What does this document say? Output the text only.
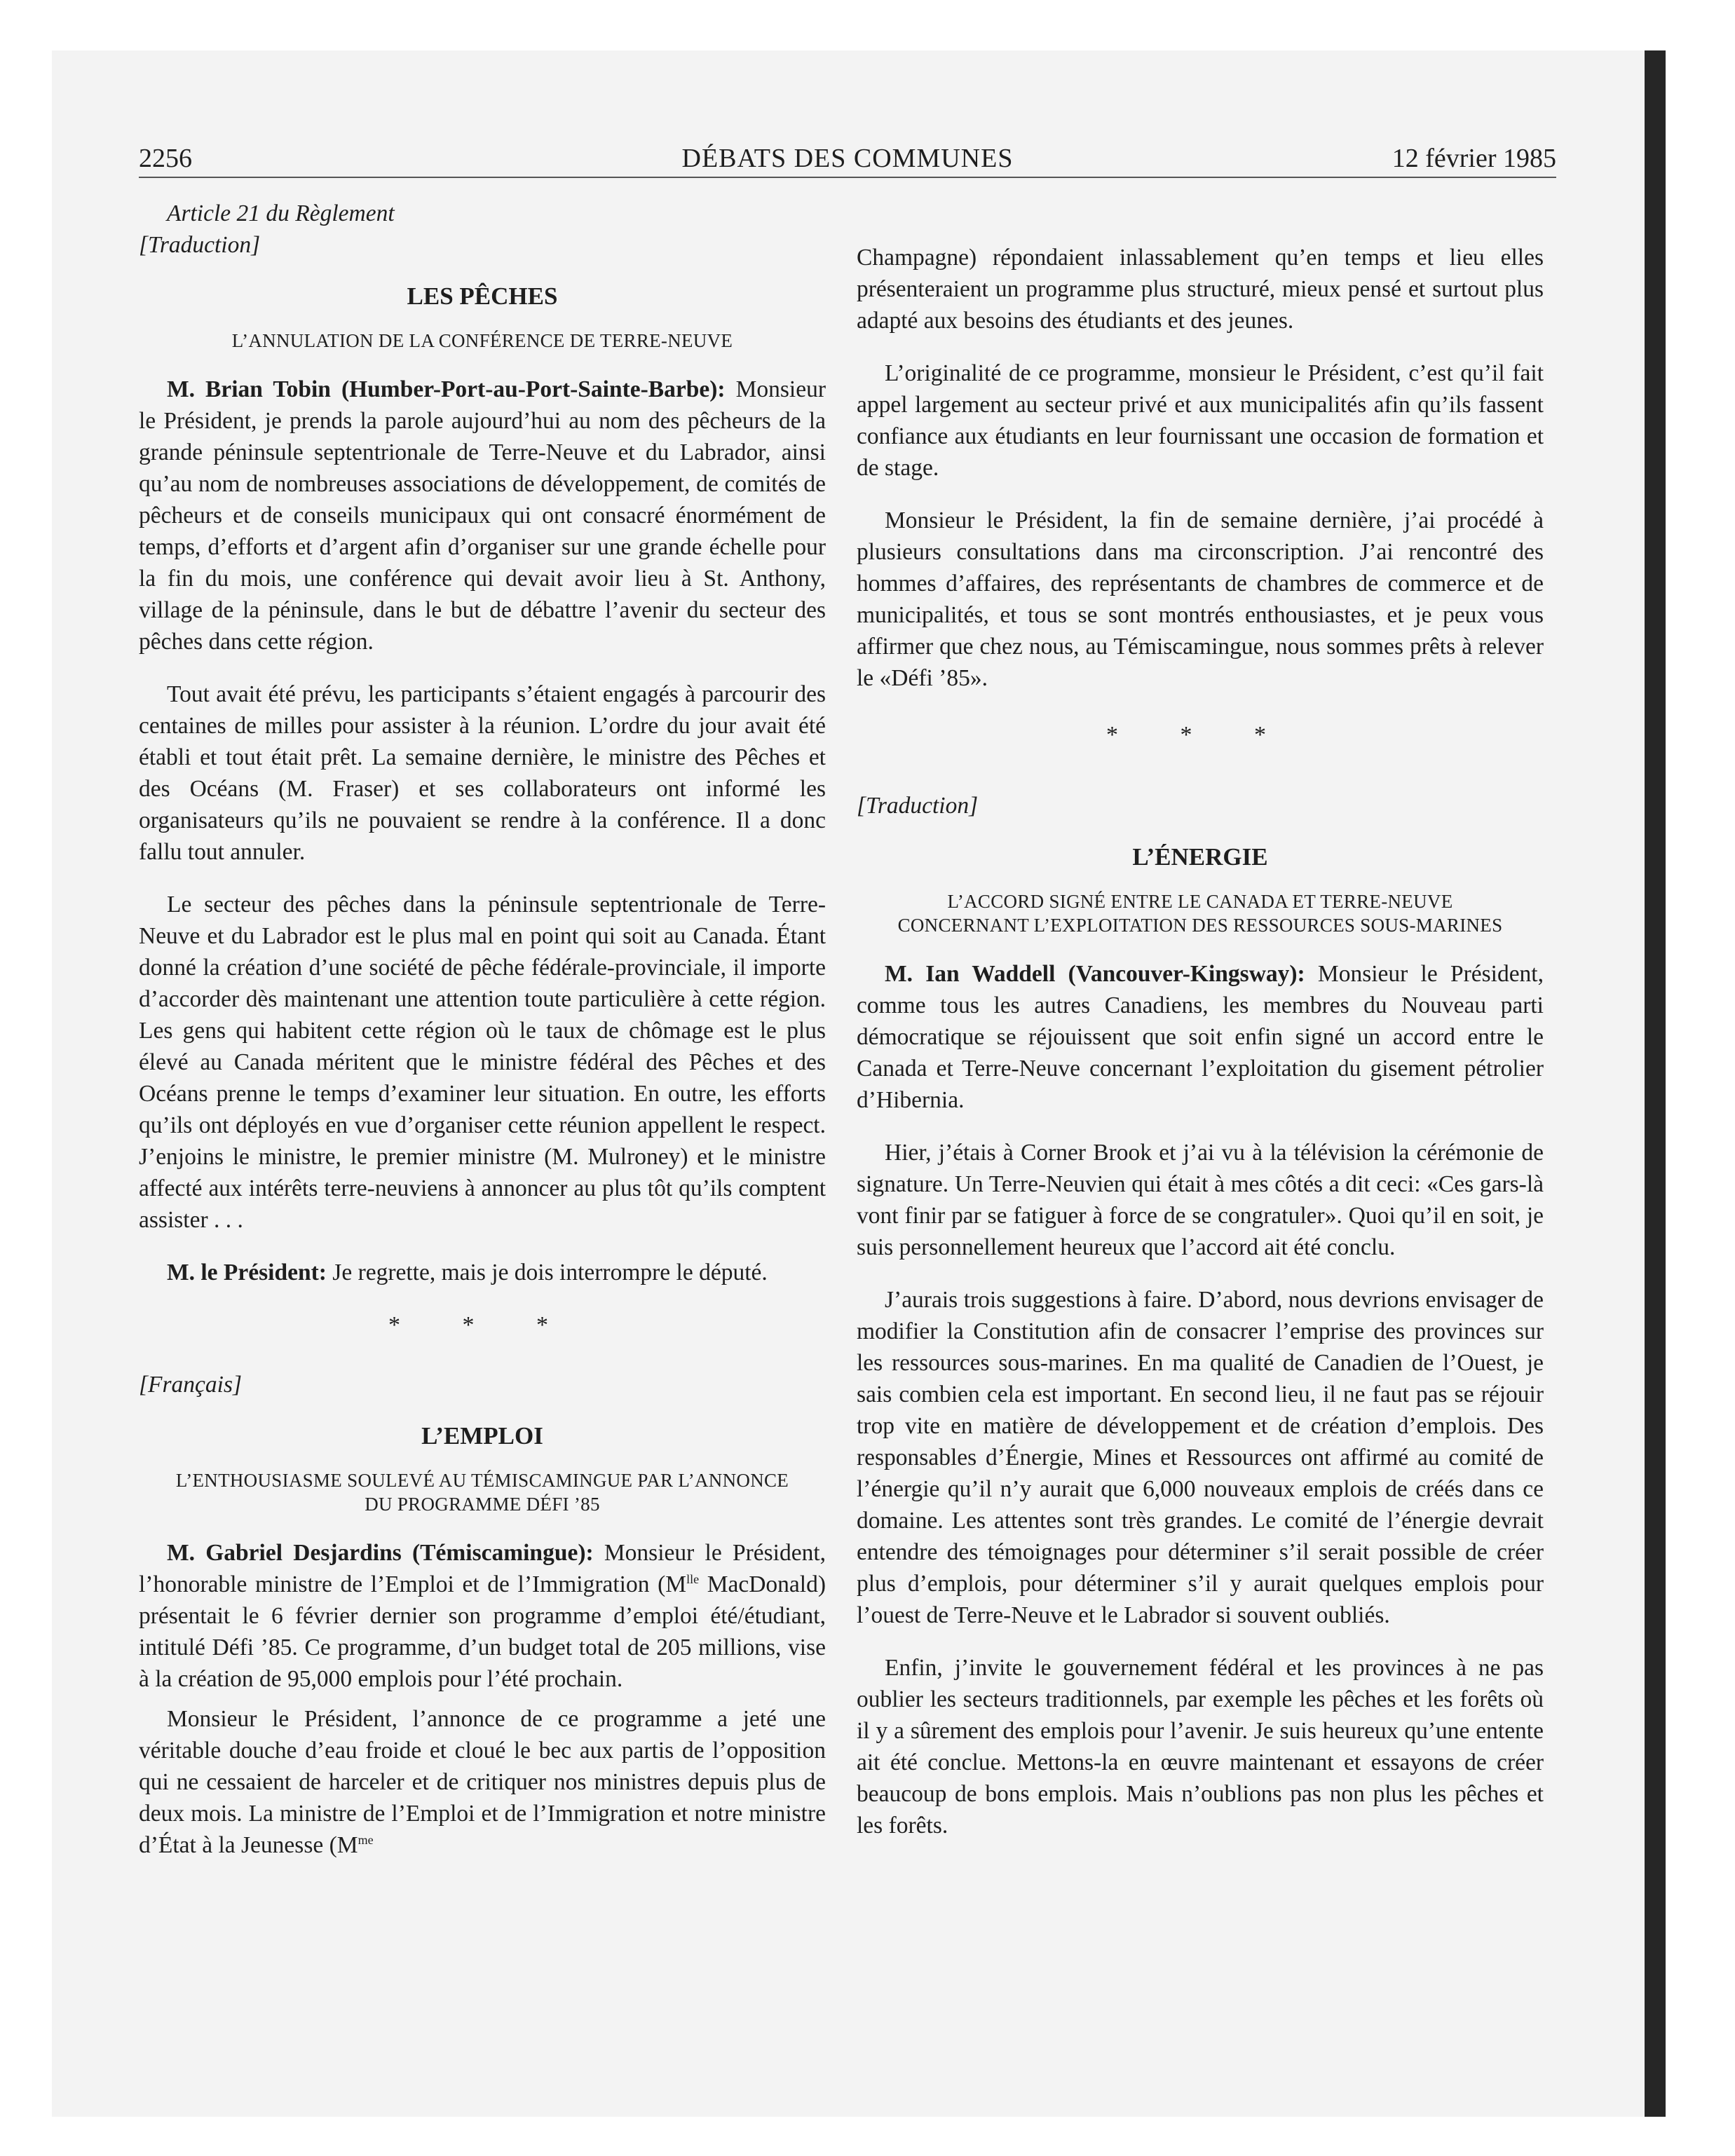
DÉBATS DES COMMUNES
2256	12 février 1985

Article 21 du Règlement

[Traduction]

LES PÊCHES
L’ANNULATION DE LA CONFÉRENCE DE TERRE-NEUVE

M. Brian Tobin (Humber-Port-au-Port-Sainte-Barbe): Monsieur le Président, je prends la parole aujourd’hui au nom des pêcheurs de la grande péninsule septentrionale de Terre-Neuve et du Labrador, ainsi qu’au nom de nombreuses associations de développement, de comités de pêcheurs et de conseils municipaux qui ont consacré énormément de temps, d’efforts et d’argent afin d’organiser sur une grande échelle pour la fin du mois, une conférence qui devait avoir lieu à St. Anthony, village de la péninsule, dans le but de débattre l’avenir du secteur des pêches dans cette région.

Tout avait été prévu, les participants s’étaient engagés à parcourir des centaines de milles pour assister à la réunion. L’ordre du jour avait été établi et tout était prêt. La semaine dernière, le ministre des Pêches et des Océans (M. Fraser) et ses collaborateurs ont informé les organisateurs qu’ils ne pouvaient se rendre à la conférence. Il a donc fallu tout annuler.

Le secteur des pêches dans la péninsule septentrionale de Terre-Neuve et du Labrador est le plus mal en point qui soit au Canada. Étant donné la création d’une société de pêche fédérale-provinciale, il importe d’accorder dès maintenant une attention toute particulière à cette région. Les gens qui habitent cette région où le taux de chômage est le plus élevé au Canada méritent que le ministre fédéral des Pêches et des Océans prenne le temps d’examiner leur situation. En outre, les efforts qu’ils ont déployés en vue d’organiser cette réunion appellent le respect. J’enjoins le ministre, le premier ministre (M. Mulroney) et le ministre affecté aux intérêts terre-neuviens à annoncer au plus tôt qu’ils comptent assister . . .

M. le Président: Je regrette, mais je dois interrompre le député.

* * *

[Français]

L’EMPLOI
L’ENTHOUSIASME SOULEVÉ AU TÉMISCAMINGUE PAR L’ANNONCE DU PROGRAMME DÉFI ’85

M. Gabriel Desjardins (Témiscamingue): Monsieur le Président, l’honorable ministre de l’Emploi et de l’Immigration ($M^{lle}$ MacDonald) présentait le 6 février dernier son programme d’emploi été/étudiant, intitulé Défi ’85. Ce programme, d’un budget total de 205 millions, vise à la création de 95,000 emplois pour l’été prochain.

Monsieur le Président, l’annonce de ce programme a jeté une véritable douche d’eau froide et cloué le bec aux partis de l’opposition qui ne cessaient de harceler et de critiquer nos ministres depuis plus de deux mois. La ministre de l’Emploi et de l’Immigration et notre ministre d’État à la Jeunesse ($M^{me}$

Champagne) répondaient inlassablement qu’en temps et lieu elles présenteraient un programme plus structuré, mieux pensé et surtout plus adapté aux besoins des étudiants et des jeunes.

L’originalité de ce programme, monsieur le Président, c’est qu’il fait appel largement au secteur privé et aux municipalités afin qu’ils fassent confiance aux étudiants en leur fournissant une occasion de formation et de stage.

Monsieur le Président, la fin de semaine dernière, j’ai procédé à plusieurs consultations dans ma circonscription. J’ai rencontré des hommes d’affaires, des représentants de chambres de commerce et de municipalités, et tous se sont montrés enthousiastes, et je peux vous affirmer que chez nous, au Témiscamingue, nous sommes prêts à relever le «Défi ’85».

* * *

[Traduction]

L’ÉNERGIE
L’ACCORD SIGNÉ ENTRE LE CANADA ET TERRE-NEUVE CONCERNANT L’EXPLOITATION DES RESSOURCES SOUS-MARINES

M. Ian Waddell (Vancouver-Kingsway): Monsieur le Président, comme tous les autres Canadiens, les membres du Nouveau parti démocratique se réjouissent que soit enfin signé un accord entre le Canada et Terre-Neuve concernant l’exploitation du gisement pétrolier d’Hibernia.

Hier, j’étais à Corner Brook et j’ai vu à la télévision la cérémonie de signature. Un Terre-Neuvien qui était à mes côtés a dit ceci: «Ces gars-là vont finir par se fatiguer à force de se congratuler». Quoi qu’il en soit, je suis personnellement heureux que l’accord ait été conclu.

J’aurais trois suggestions à faire. D’abord, nous devrions envisager de modifier la Constitution afin de consacrer l’emprise des provinces sur les ressources sous-marines. En ma qualité de Canadien de l’Ouest, je sais combien cela est important. En second lieu, il ne faut pas se réjouir trop vite en matière de développement et de création d’emplois. Des responsables d’Énergie, Mines et Ressources ont affirmé au comité de l’énergie qu’il n’y aurait que 6,000 nouveaux emplois de créés dans ce domaine. Les attentes sont très grandes. Le comité de l’énergie devrait entendre des témoignages pour déterminer s’il serait possible de créer plus d’emplois, pour déterminer s’il y aurait quelques emplois pour l’ouest de Terre-Neuve et le Labrador si souvent oubliés.

Enfin, j’invite le gouvernement fédéral et les provinces à ne pas oublier les secteurs traditionnels, par exemple les pêches et les forêts où il y a sûrement des emplois pour l’avenir. Je suis heureux qu’une entente ait été conclue. Mettons-la en œuvre maintenant et essayons de créer beaucoup de bons emplois. Mais n’oublions pas non plus les pêches et les forêts.
